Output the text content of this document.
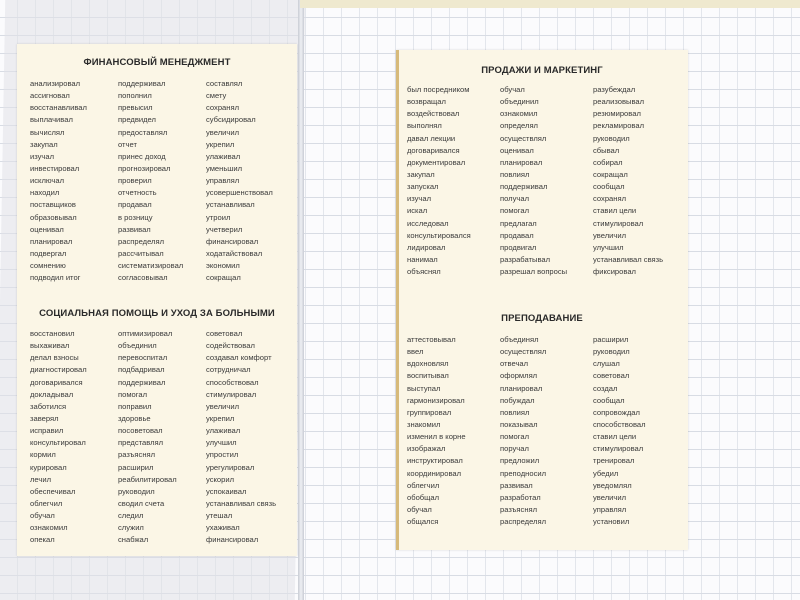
ФИНАНСОВЫЙ МЕНЕДЖМЕНТ
анализировал
ассигновал
восстанавливал
выплачивал
вычислял
закупал
изучал
инвестировал
исключал
находил
поставщиков
образовывал
оценивал
планировал
подвергал
сомнению
подводил итог
поддерживал
пополнил
превысил
предвидел
предоставлял
отчет
принес доход
прогнозировал
проверил
отчетность
продавал
в розницу
развивал
распределял
рассчитывал
систематизировал
согласовывал
составлял
смету
сохранял
субсидировал
увеличил
укрепил
улаживал
уменьшил
управлял
усовершенствовал
устанавливал
утроил
учетверил
финансировал
ходатайствовал
экономил
сокращал
СОЦИАЛЬНАЯ ПОМОЩЬ И УХОД ЗА БОЛЬНЫМИ
восстановил
выхаживал
делал взносы
диагностировал
договаривался
докладывал
заботился
заверял
исправил
консультировал
кормил
курировал
лечил
обеспечивал
облегчил
обучал
ознакомил
опекал
оптимизировал
объединил
перевоспитал
подбадривал
поддерживал
помогал
поправил
здоровье
посоветовал
представлял
разъяснял
расширил
реабилитировал
руководил
сводил счета
следил
служил
снабжал
советовал
содействовал
создавал комфорт
сотрудничал
способствовал
стимулировал
увеличил
укрепил
улаживал
улучшил
упростил
урегулировал
ускорил
успокаивал
устанавливал связь
утешал
ухаживал
финансировал
ПРОДАЖИ И МАРКЕТИНГ
был посредником
возвращал
воздействовал
выполнял
давал лекции
договаривался
документировал
закупал
запускал
изучал
искал
исследовал
консультировался
лидировал
нанимал
объяснял
обучал
объединил
ознакомил
определял
осуществлял
оценивал
планировал
повлиял
поддерживал
получал
помогал
предлагал
продавал
продвигал
разрабатывал
разрешал вопросы
разубеждал
реализовывал
резюмировал
рекламировал
руководил
сбывал
собирал
сокращал
сообщал
сохранял
ставил цели
стимулировал
увеличил
улучшил
устанавливал связь
фиксировал
ПРЕПОДАВАНИЕ
аттестовывал
ввел
вдохновлял
воспитывал
выступал
гармонизировал
группировал
знакомил
изменил в корне
изображал
инструктировал
координировал
облегчил
обобщал
обучал
общался
объединял
осуществлял
отвечал
оформлял
планировал
побуждал
повлиял
показывал
помогал
поручал
предложил
преподносил
развивал
разработал
разъяснял
распределял
расширил
руководил
слушал
советовал
создал
сообщал
сопровождал
способствовал
ставил цели
стимулировал
тренировал
убедил
уведомлял
увеличил
управлял
установил
